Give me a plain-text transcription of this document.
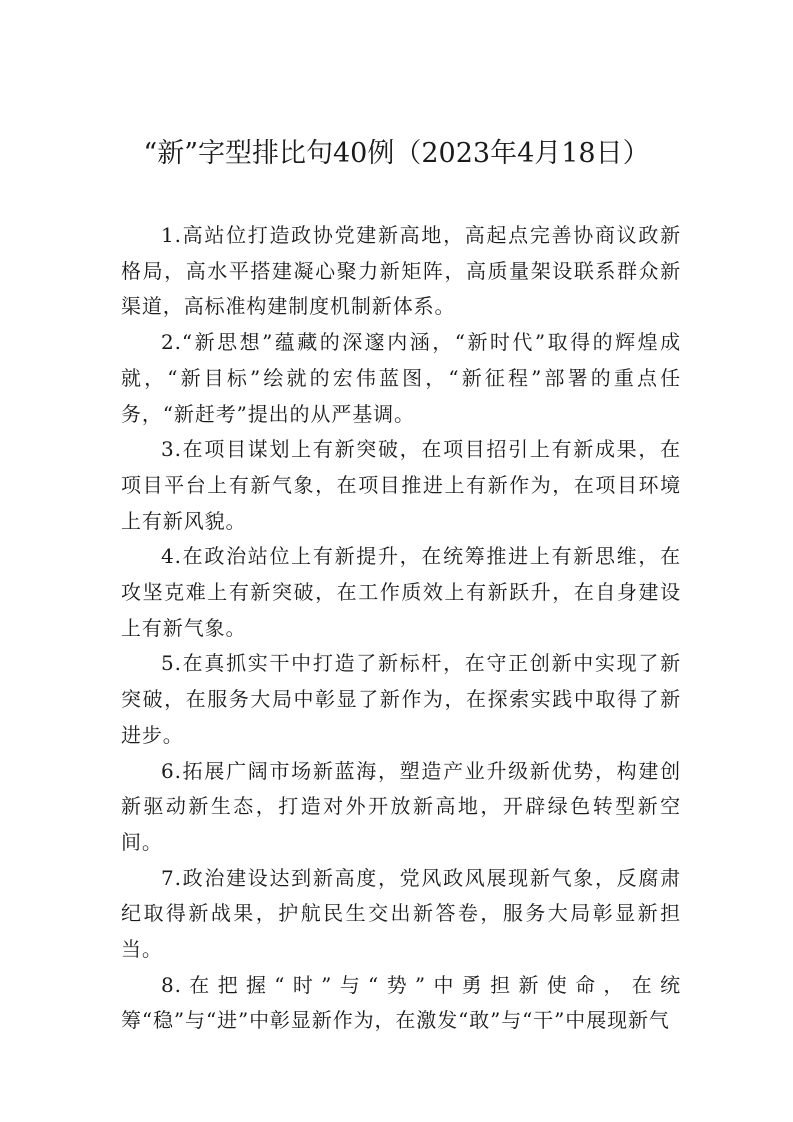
“新”字型排比句40例（2023年4月18日）

1.高站位打造政协党建新高地，高起点完善协商议政新格局，高水平搭建凝心聚力新矩阵，高质量架设联系群众新渠道，高标准构建制度机制新体系。

2.“新思想”蕴藏的深邃内涵，“新时代”取得的辉煌成就，“新目标”绘就的宏伟蓝图，“新征程”部署的重点任务，“新赶考”提出的从严基调。

3.在项目谋划上有新突破，在项目招引上有新成果，在项目平台上有新气象，在项目推进上有新作为，在项目环境上有新风貌。

4.在政治站位上有新提升，在统筹推进上有新思维，在攻坚克难上有新突破，在工作质效上有新跃升，在自身建设上有新气象。

5.在真抓实干中打造了新标杆，在守正创新中实现了新突破，在服务大局中彰显了新作为，在探索实践中取得了新进步。

6.拓展广阔市场新蓝海，塑造产业升级新优势，构建创新驱动新生态，打造对外开放新高地，开辟绿色转型新空间。

7.政治建设达到新高度，党风政风展现新气象，反腐肃纪取得新战果，护航民生交出新答卷，服务大局彰显新担当。

8.在把握“时”与“势”中勇担新使命，在统筹“稳”与“进”中彰显新作为，在激发“敢”与“干”中展现新气
